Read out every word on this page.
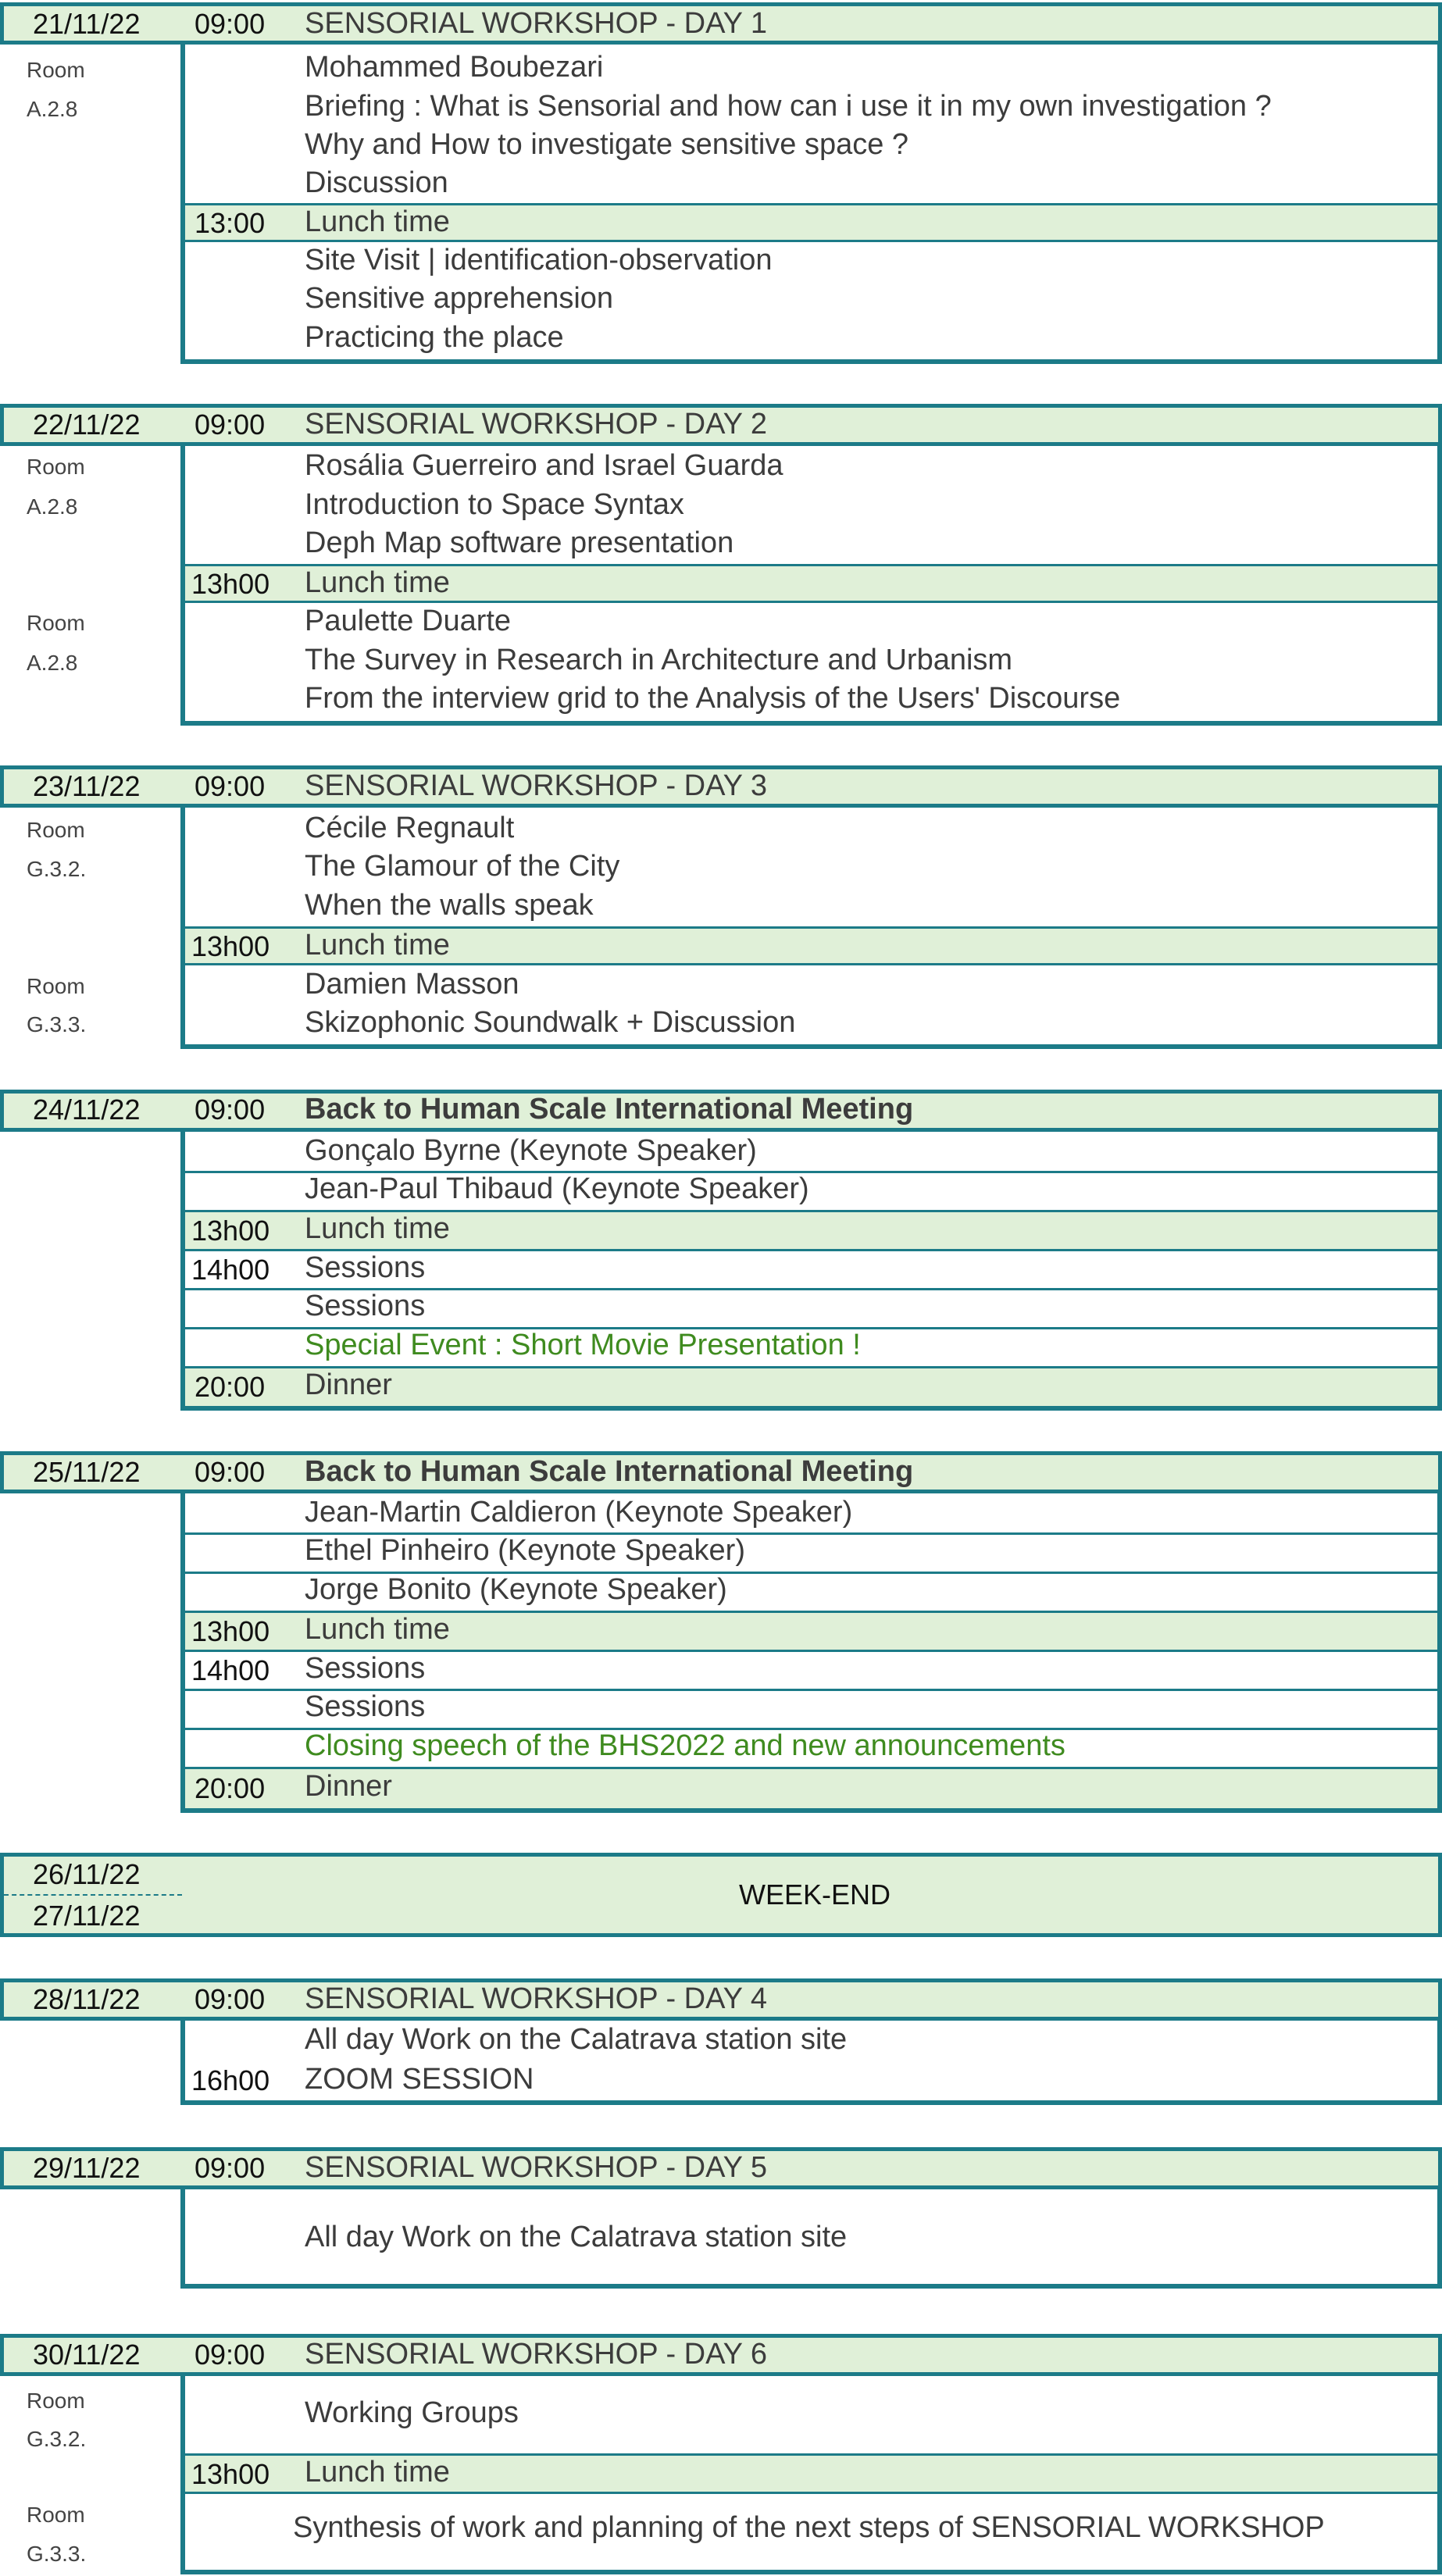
21/11/22 09:00 SENSORIAL WORKSHOP - DAY 1
Room
A.2.8
Mohammed Boubezari
Briefing : What is Sensorial and how can i use it in my own investigation ?
Why and How to investigate sensitive space ?
Discussion
13:00 Lunch time
Site Visit | identification-observation
Sensitive apprehension
Practicing the place
22/11/22 09:00 SENSORIAL WORKSHOP - DAY 2
Room
A.2.8
Rosália Guerreiro and Israel Guarda
Introduction to Space Syntax
Deph Map software presentation
13h00 Lunch time
Room
A.2.8
Paulette Duarte
The Survey in Research in Architecture and Urbanism
From the interview grid to the Analysis of the Users' Discourse
23/11/22 09:00 SENSORIAL WORKSHOP - DAY 3
Room
G.3.2.
Cécile Regnault
The Glamour of the City
When the walls speak
13h00 Lunch time
Room
G.3.3.
Damien Masson
Skizophonic Soundwalk + Discussion
24/11/22 09:00 Back to Human Scale International Meeting
Gonçalo Byrne (Keynote Speaker)
Jean-Paul Thibaud (Keynote Speaker)
13h00 Lunch time
14h00 Sessions
Sessions
Special Event : Short Movie Presentation !
20:00 Dinner
25/11/22 09:00 Back to Human Scale International Meeting
Jean-Martin Caldieron (Keynote Speaker)
Ethel Pinheiro (Keynote Speaker)
Jorge Bonito (Keynote Speaker)
13h00 Lunch time
14h00 Sessions
Sessions
Closing speech of the BHS2022 and new announcements
20:00 Dinner
26/11/22
27/11/22
WEEK-END
28/11/22 09:00 SENSORIAL WORKSHOP - DAY 4
All day Work on the Calatrava station site
16h00 ZOOM SESSION
29/11/22 09:00 SENSORIAL WORKSHOP - DAY 5
All day Work on the Calatrava station site
30/11/22 09:00 SENSORIAL WORKSHOP - DAY 6
Room
G.3.2.
Working Groups
13h00 Lunch time
Room
G.3.3.
Synthesis of work and planning of the next steps of SENSORIAL WORKSHOP
